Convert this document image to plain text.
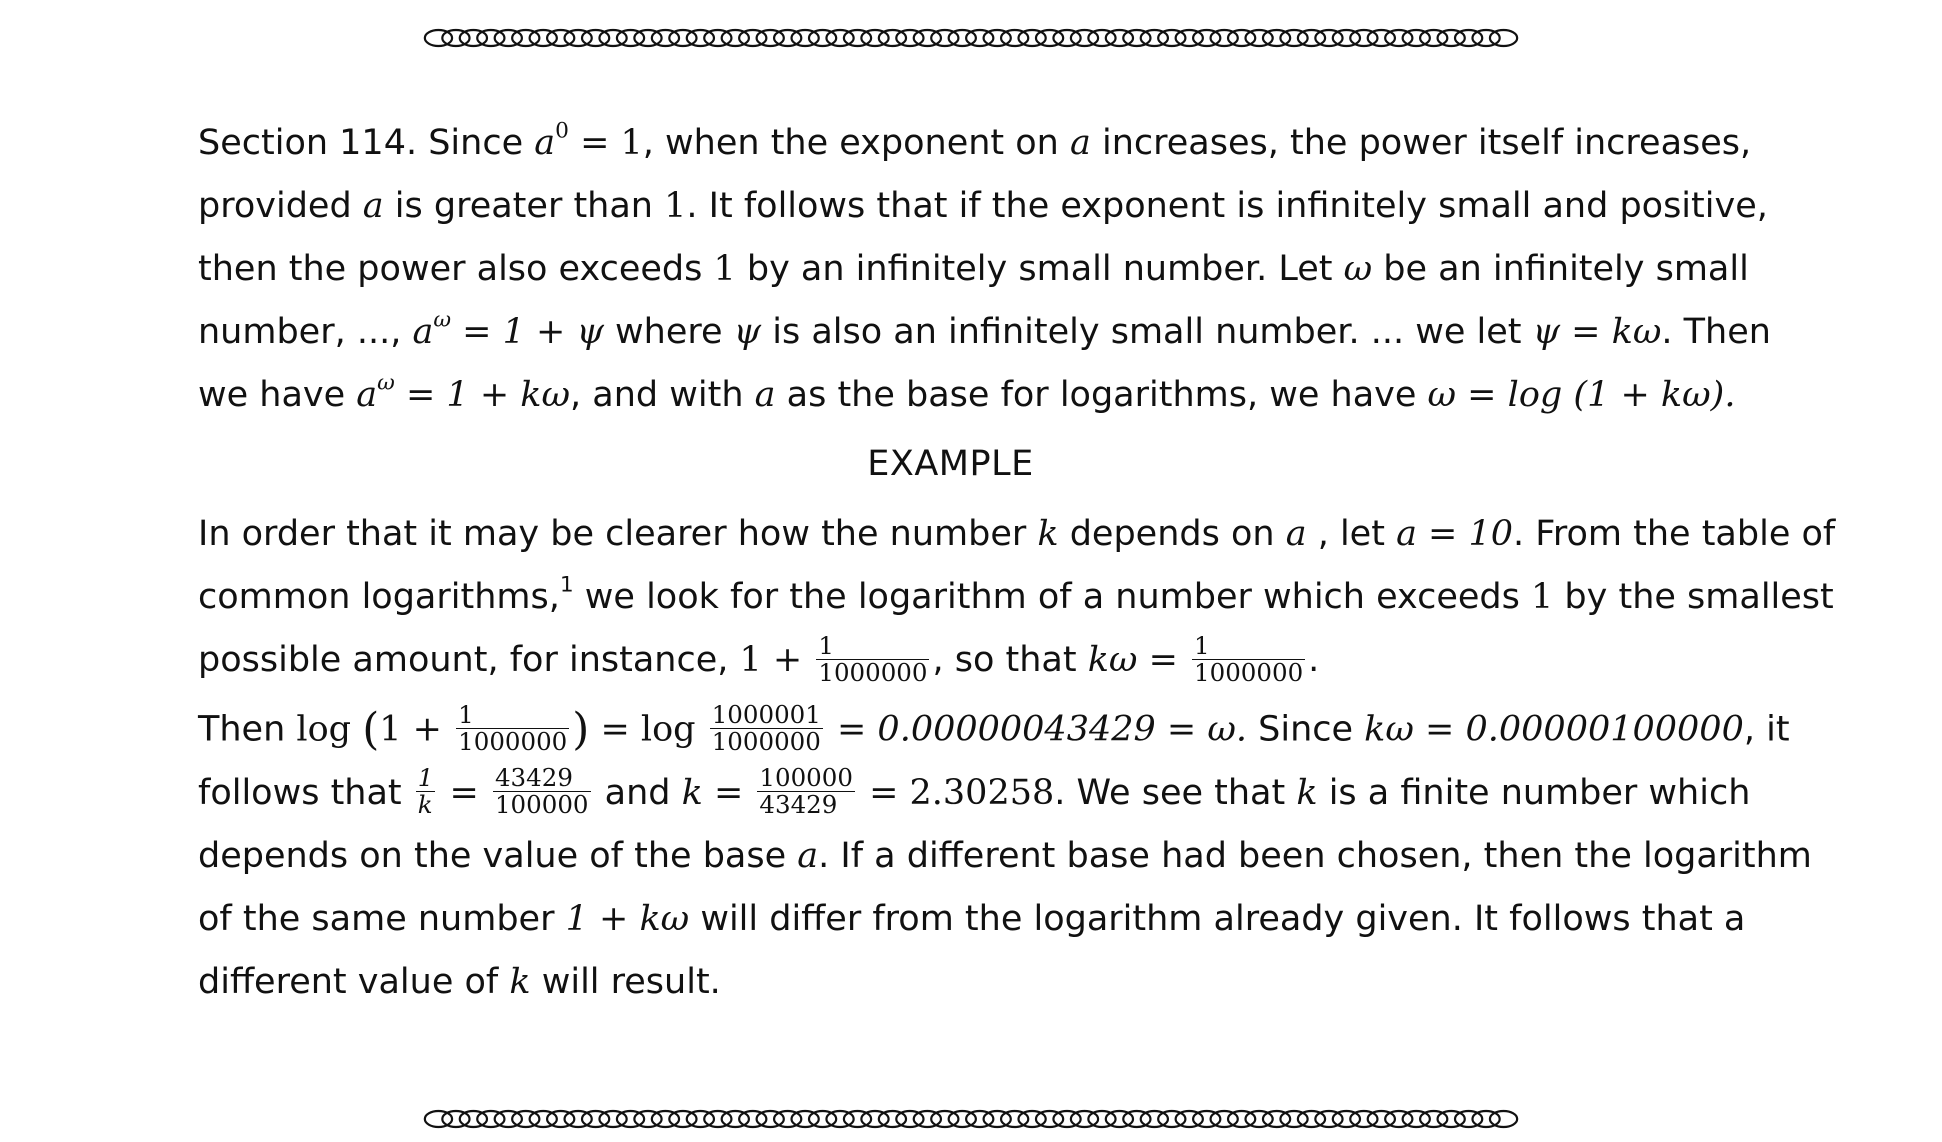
Section 114. Since $a^0 = 1$, when the exponent on a increases, the power itself increases,
provided a is greater than 1. It follows that if the exponent is infinitely small and positive,
then the power also exceeds 1 by an infinitely small number. Let ω be an infinitely small
number, ..., $a^\omega = 1 + \psi$ where ψ is also an infinitely small number. ... we let ψ = kω. Then
we have $a^\omega = 1 + k\omega$, and with a as the base for logarithms, we have ω = log (1 + kω).

EXAMPLE

In order that it may be clearer how the number k depends on a , let a = 10. From the table of
common logarithms,$^1$ we look for the logarithm of a number which exceeds 1 by the smallest
possible amount, for instance, $1 + \frac{1}{1000000}$ , so that $k\omega = \frac{1}{1000000}$ .

Then $\log (1 + \frac{1}{1000000}$ ) = $\log \frac{1000001}{1000000} = 0.00000043429 = \omega$. Since kω = 0.00000100000, it
follows that $\frac{1}{k} = \frac{43429}{100000}$ and $k = \frac{100000}{43429} = 2.30258$. We see that k is a finite number which
depends on the value of the base a. If a different base had been chosen, then the logarithm
of the same number 1 + kω will differ from the logarithm already given. It follows that a
different value of k will result.
